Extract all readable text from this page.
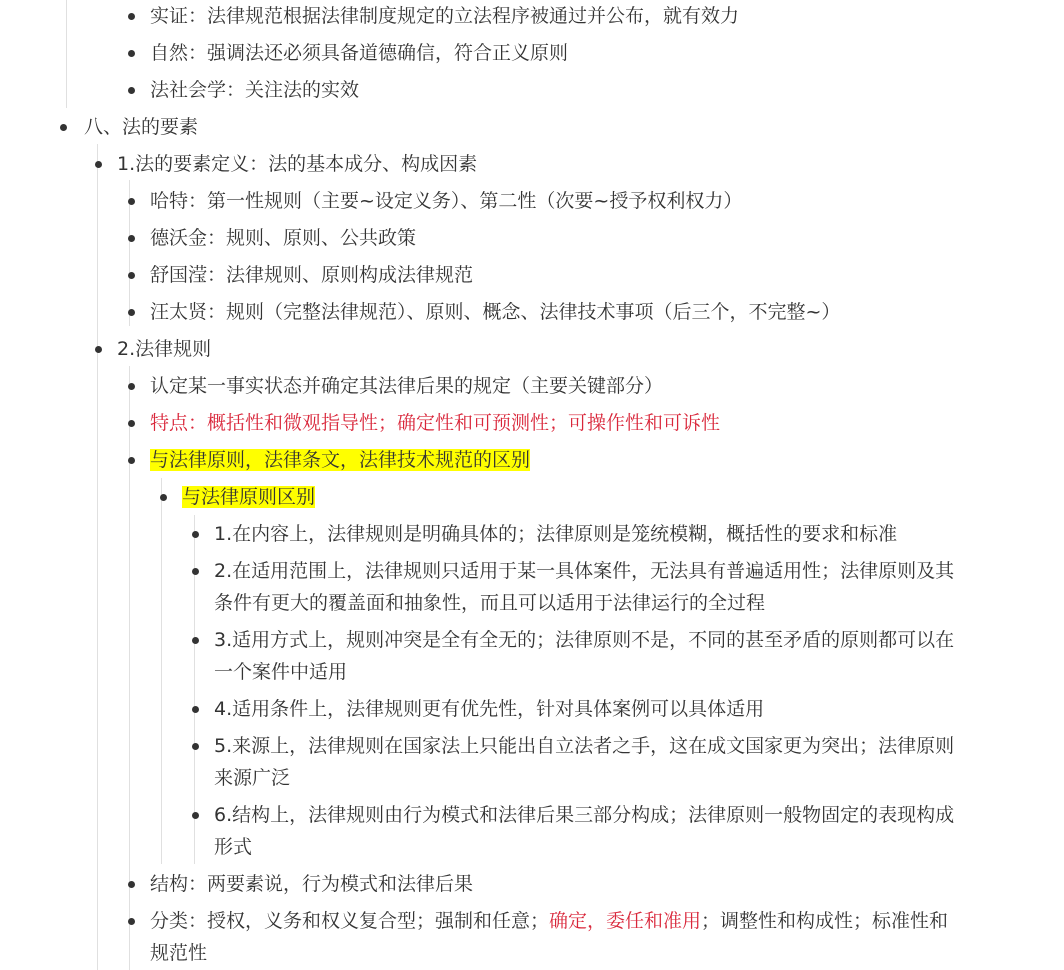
实证：法律规范根据法律制度规定的立法程序被通过并公布，就有效力
自然：强调法还必须具备道德确信，符合正义原则
法社会学：关注法的实效
八、法的要素
1.法的要素定义：法的基本成分、构成因素
哈特：第一性规则（主要~设定义务）、第二性（次要~授予权利权力）
德沃金：规则、原则、公共政策
舒国滢：法律规则、原则构成法律规范
汪太贤：规则（完整法律规范）、原则、概念、法律技术事项（后三个，不完整~）
2.法律规则
认定某一事实状态并确定其法律后果的规定（主要关键部分）
特点：概括性和微观指导性；确定性和可预测性；可操作性和可诉性
与法律原则，法律条文，法律技术规范的区别
与法律原则区别
1.在内容上，法律规则是明确具体的；法律原则是笼统模糊，概括性的要求和标准
2.在适用范围上，法律规则只适用于某一具体案件，无法具有普遍适用性；法律原则及其
条件有更大的覆盖面和抽象性，而且可以适用于法律运行的全过程
3.适用方式上，规则冲突是全有全无的；法律原则不是，不同的甚至矛盾的原则都可以在
一个案件中适用
4.适用条件上，法律规则更有优先性，针对具体案例可以具体适用
5.来源上，法律规则在国家法上只能出自立法者之手，这在成文国家更为突出；法律原则
来源广泛
6.结构上，法律规则由行为模式和法律后果三部分构成；法律原则一般物固定的表现构成
形式
结构：两要素说，行为模式和法律后果
分类：授权，义务和权义复合型；强制和任意；确定，委任和准用；调整性和构成性；标准性和
规范性
